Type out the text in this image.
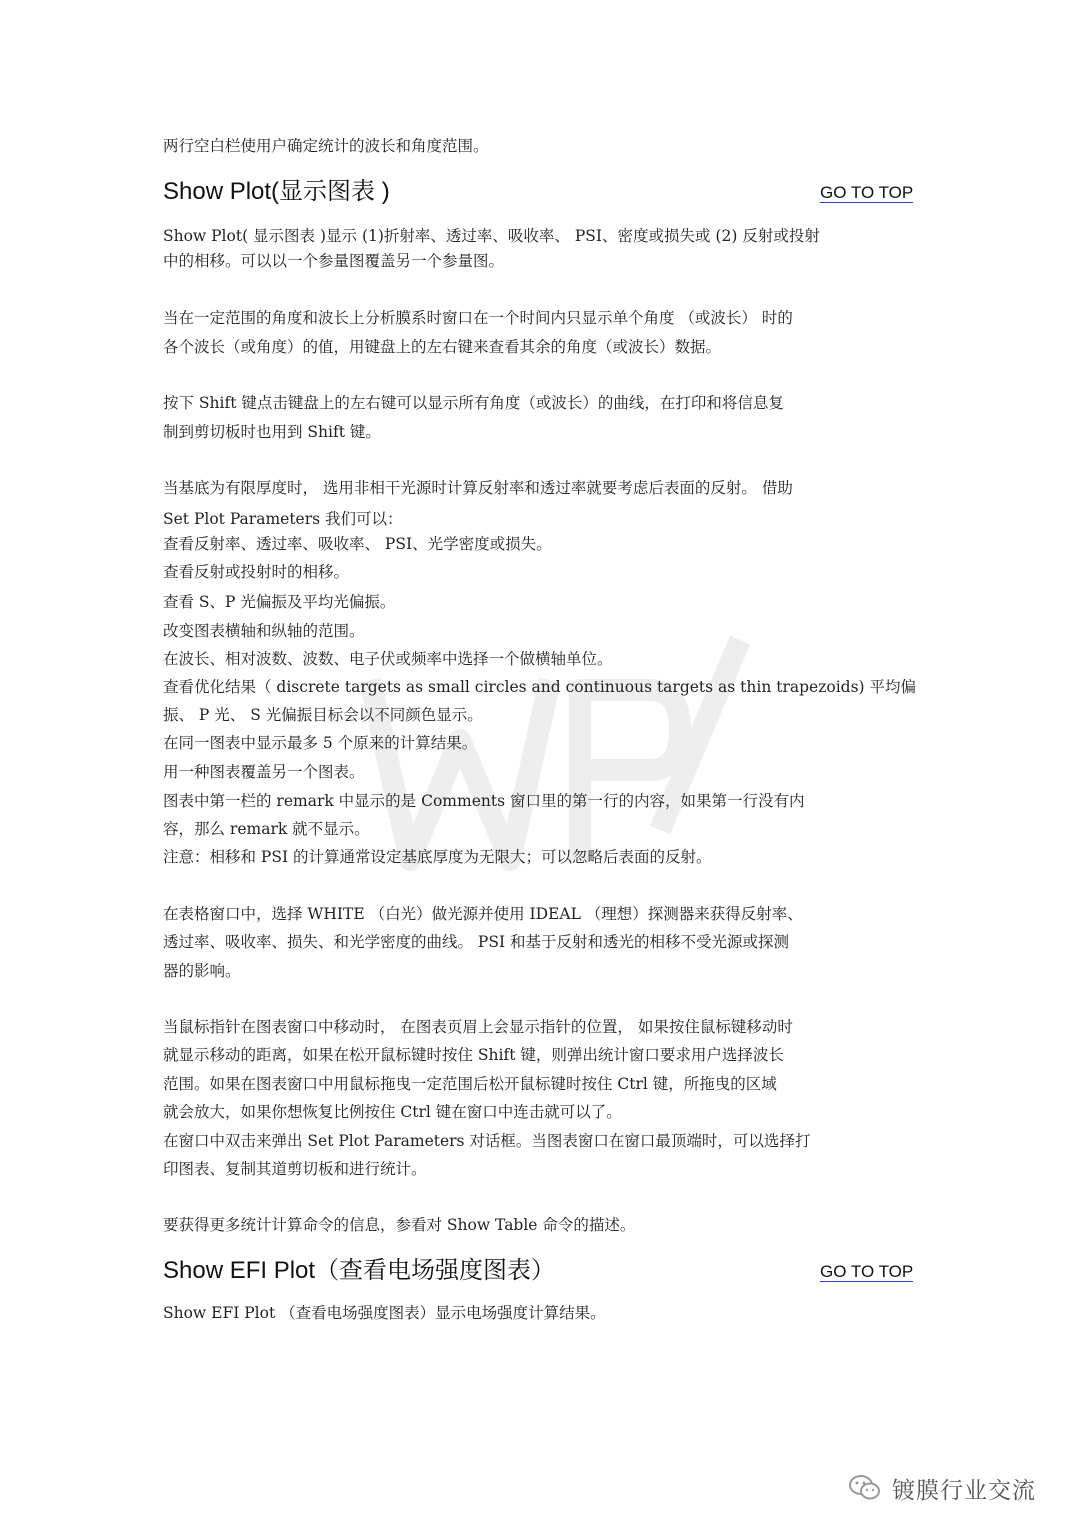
两行空白栏使用户确定统计的波长和角度范围。
Show Plot(显示图表 )	GO TO TOP
Show Plot( 显示图表 )显示 (1)折射率、透过率、吸收率、 PSI、密度或损失或 (2) 反射或投射
中的相移。可以以一个参量图覆盖另一个参量图。
当在一定范围的角度和波长上分析膜系时窗口在一个时间内只显示单个角度 （或波长） 时的
各个波长（或角度）的值，用键盘上的左右键来查看其余的角度（或波长）数据。
按下 Shift 键点击键盘上的左右键可以显示所有角度（或波长）的曲线，在打印和将信息复
制到剪切板时也用到 Shift 键。
当基底为有限厚度时， 选用非相干光源时计算反射率和透过率就要考虑后表面的反射。 借助
Set Plot Parameters 我们可以：
查看反射率、透过率、吸收率、 PSI、光学密度或损失。
查看反射或投射时的相移。
查看 S、P 光偏振及平均光偏振。
改变图表横轴和纵轴的范围。
在波长、相对波数、波数、电子伏或频率中选择一个做横轴单位。
查看优化结果（ discrete targets as small circles and continuous targets as thin trapezoids) 平均偏
振、 P 光、 S 光偏振目标会以不同颜色显示。
在同一图表中显示最多 5 个原来的计算结果。
用一种图表覆盖另一个图表。
图表中第一栏的 remark 中显示的是 Comments 窗口里的第一行的内容，如果第一行没有内
容，那么 remark 就不显示。
注意：相移和 PSI 的计算通常设定基底厚度为无限大；可以忽略后表面的反射。
在表格窗口中，选择 WHITE （白光）做光源并使用 IDEAL （理想）探测器来获得反射率、
透过率、吸收率、损失、和光学密度的曲线。 PSI 和基于反射和透光的相移不受光源或探测
器的影响。
当鼠标指针在图表窗口中移动时， 在图表页眉上会显示指针的位置， 如果按住鼠标键移动时
就显示移动的距离，如果在松开鼠标键时按住 Shift 键，则弹出统计窗口要求用户选择波长
范围。如果在图表窗口中用鼠标拖曳一定范围后松开鼠标键时按住 Ctrl 键，所拖曳的区域
就会放大，如果你想恢复比例按住 Ctrl 键在窗口中连击就可以了。
在窗口中双击来弹出 Set Plot Parameters 对话框。当图表窗口在窗口最顶端时，可以选择打
印图表、复制其道剪切板和进行统计。
要获得更多统计计算命令的信息，参看对 Show Table 命令的描述。
Show EFI Plot（查看电场强度图表）	GO TO TOP
Show EFI Plot （查看电场强度图表）显示电场强度计算结果。
镀膜行业交流
